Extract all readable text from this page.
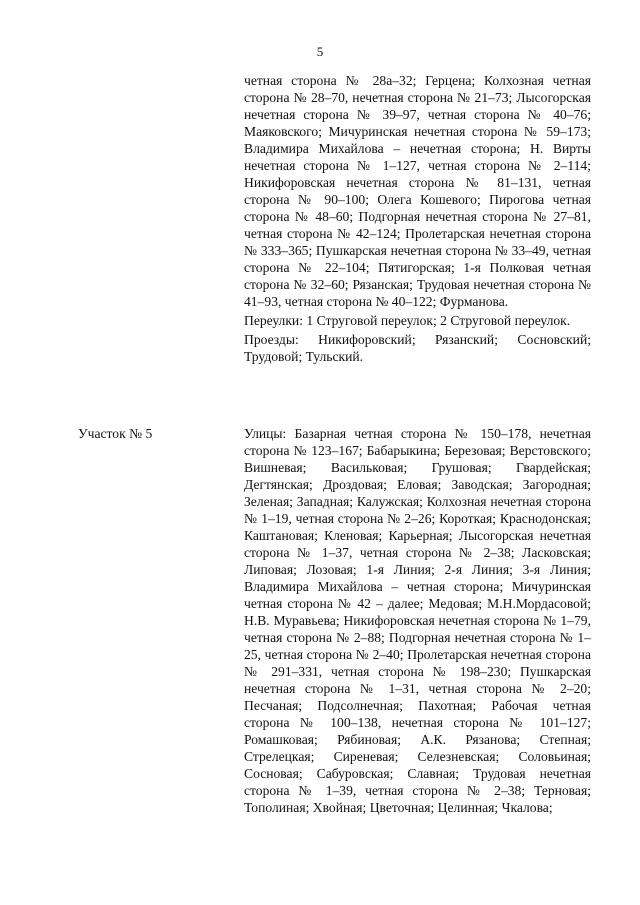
5

четная сторона № 28а–32; Герцена; Колхозная четная сторона № 28–70, нечетная сторона № 21–73; Лысогорская нечетная сторона № 39–97, четная сторона № 40–76; Маяковского; Мичуринская нечетная сторона № 59–173; Владимира Михайлова – нечетная сторона; Н. Вирты нечетная сторона № 1–127, четная сторона № 2–114; Никифоровская нечетная сторона № 81–131, четная сторона № 90–100; Олега Кошевого; Пирогова четная сторона № 48–60; Подгорная нечетная сторона № 27–81, четная сторона № 42–124; Пролетарская нечетная сторона № 333–365; Пушкарская нечетная сторона № 33–49, четная сторона № 22–104; Пятигорская; 1-я Полковая четная сторона № 32–60; Рязанская; Трудовая нечетная сторона № 41–93, четная сторона № 40–122; Фурманова.

Переулки: 1 Струговой переулок; 2 Струговой переулок.

Проезды: Никифоровский; Рязанский; Сосновский; Трудовой; Тульский.

Участок № 5	Улицы: Базарная четная сторона № 150–178, нечетная сторона № 123–167; Бабарыкина; Березовая; Верстовского; Вишневая; Васильковая; Грушовая; Гвардейская; Дегтянская; Дроздовая; Еловая; Заводская; Загородная; Зеленая; Западная; Калужская; Колхозная нечетная сторона № 1–19, четная сторона № 2–26; Короткая; Краснодонская; Каштановая; Кленовая; Карьерная; Лысогорская нечетная сторона № 1–37, четная сторона № 2–38; Ласковская; Липовая; Лозовая; 1-я Линия; 2-я Линия; 3-я Линия; Владимира Михайлова – четная сторона; Мичуринская четная сторона № 42 – далее; Медовая; М.Н.Мордасовой; Н.В. Муравьева; Никифоровская нечетная сторона № 1–79, четная сторона № 2–88; Подгорная нечетная сторона № 1–25, четная сторона № 2–40; Пролетарская нечетная сторона № 291–331, четная сторона № 198–230; Пушкарская нечетная сторона № 1–31, четная сторона № 2–20; Песчаная; Подсолнечная; Пахотная; Рабочая четная сторона № 100–138, нечетная сторона № 101–127; Ромашковая; Рябиновая; А.К. Рязанова; Степная; Стрелецкая; Сиреневая; Селезневская; Соловьиная; Сосновая; Сабуровская; Славная; Трудовая нечетная сторона № 1–39, четная сторона № 2–38; Терновая; Тополиная; Хвойная; Цветочная; Целинная; Чкалова;
